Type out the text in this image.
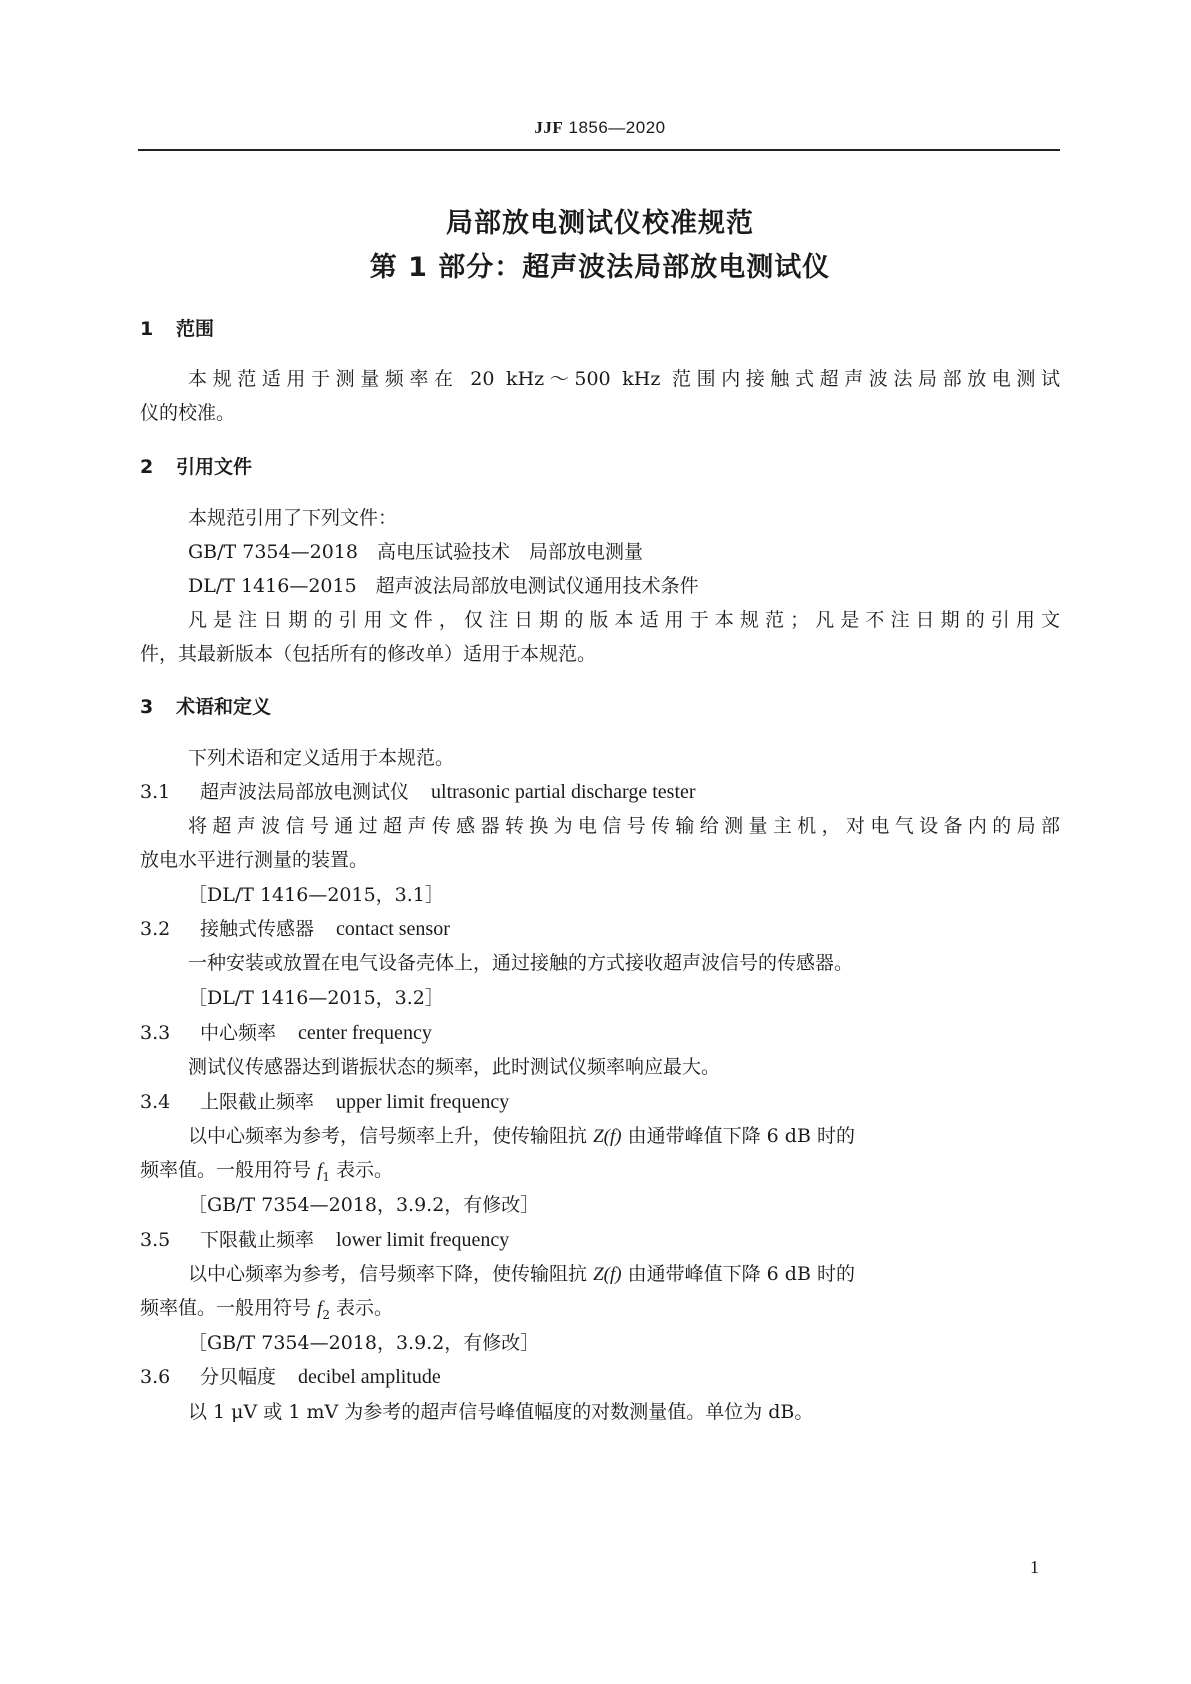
JJF 1856—2020
局部放电测试仪校准规范
第 1 部分：超声波法局部放电测试仪
1 范围
本规范适用于测量频率在 20 kHz～500 kHz 范围内接触式超声波法局部放电测试
仪的校准。
2 引用文件
本规范引用了下列文件：
GB/T 7354—2018　高电压试验技术　局部放电测量
DL/T 1416—2015　超声波法局部放电测试仪通用技术条件
凡是注日期的引用文件，仅注日期的版本适用于本规范；凡是不注日期的引用文
件，其最新版本（包括所有的修改单）适用于本规范。
3 术语和定义
下列术语和定义适用于本规范。
3.1 超声波法局部放电测试仪 ultrasonic partial discharge tester
将超声波信号通过超声传感器转换为电信号传输给测量主机，对电气设备内的局部
放电水平进行测量的装置。
［DL/T 1416—2015，3.1］
3.2 接触式传感器 contact sensor
一种安装或放置在电气设备壳体上，通过接触的方式接收超声波信号的传感器。
［DL/T 1416—2015，3.2］
3.3 中心频率 center frequency
测试仪传感器达到谐振状态的频率，此时测试仪频率响应最大。
3.4 上限截止频率 upper limit frequency
以中心频率为参考，信号频率上升，使传输阻抗 Z(f) 由通带峰值下降 6 dB 时的
频率值。一般用符号 $f_1$ 表示。
［GB/T 7354—2018，3.9.2，有修改］
3.5 下限截止频率 lower limit frequency
以中心频率为参考，信号频率下降，使传输阻抗 Z(f) 由通带峰值下降 6 dB 时的
频率值。一般用符号 $f_2$ 表示。
［GB/T 7354—2018，3.9.2，有修改］
3.6 分贝幅度 decibel amplitude
以 1 μV 或 1 mV 为参考的超声信号峰值幅度的对数测量值。单位为 dB。
1
